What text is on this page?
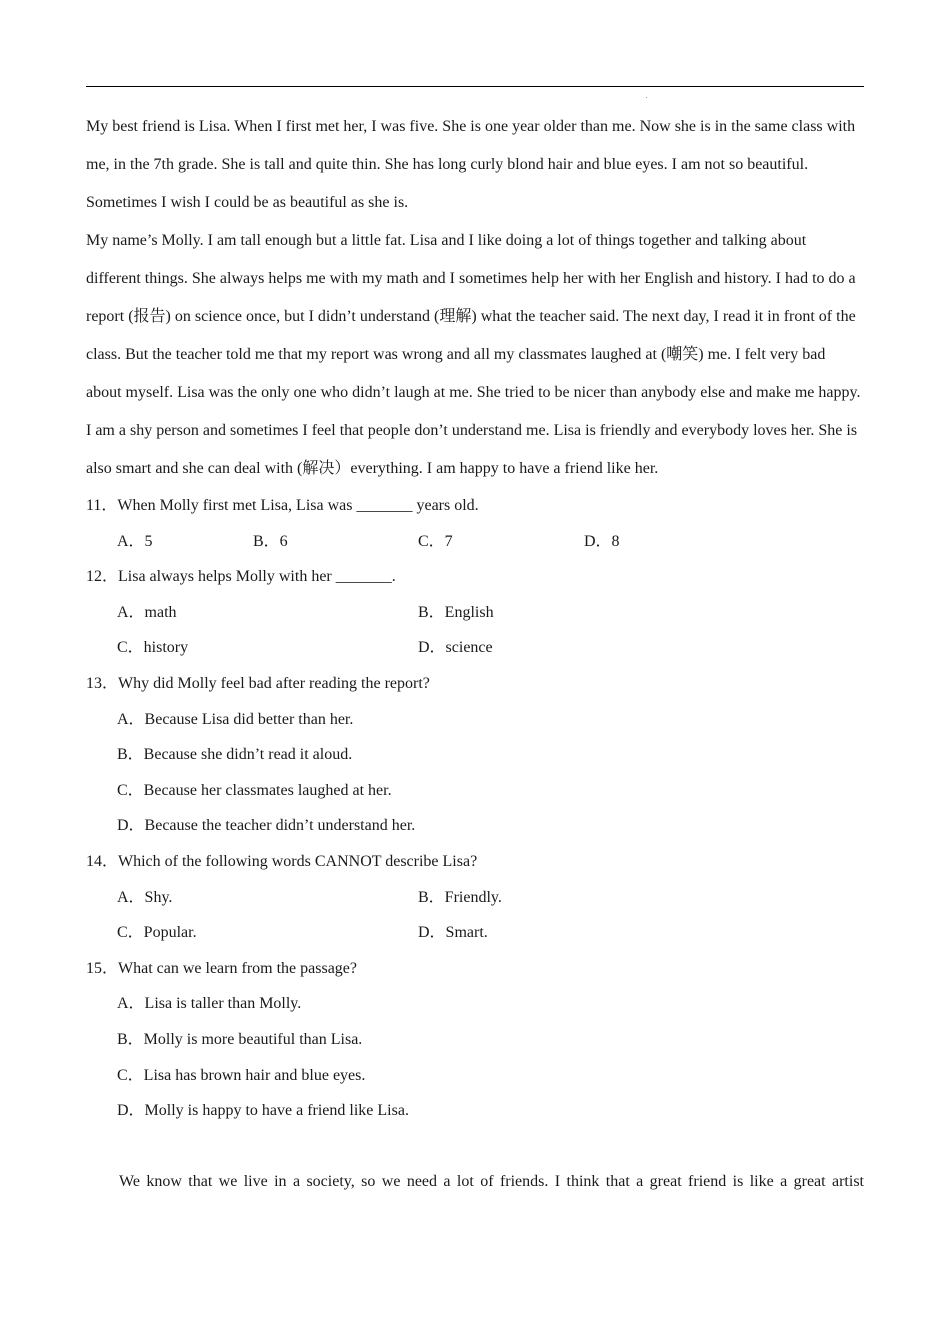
My best friend is Lisa. When I first met her, I was five. She is one year older than me. Now she is in the same class with me, in the 7th grade. She is tall and quite thin. She has long curly blond hair and blue eyes. I am not so beautiful. Sometimes I wish I could be as beautiful as she is.

My name’s Molly. I am tall enough but a little fat. Lisa and I like doing a lot of things together and talking about different things. She always helps me with my math and I sometimes help her with her English and history. I had to do a report (报告) on science once, but I didn’t understand (理解) what the teacher said. The next day, I read it in front of the class. But the teacher told me that my report was wrong and all my classmates laughed at (嘲笑) me. I felt very bad about myself. Lisa was the only one who didn’t laugh at me. She tried to be nicer than anybody else and make me happy.

I am a shy person and sometimes I feel that people don’t understand me. Lisa is friendly and everybody loves her. She is also smart and she can deal with (解决）everything. I am happy to have a friend like her.

11．When Molly first met Lisa, Lisa was _______ years old.

A．5	B．6	C．7	D．8

12．Lisa always helps Molly with her _______.

A．math	B．English
C．history	D．science

13．Why did Molly feel bad after reading the report?

A．Because Lisa did better than her.
B．Because she didn’t read it aloud.
C．Because her classmates laughed at her.
D．Because the teacher didn’t understand her.

14．Which of the following words CANNOT describe Lisa?

A．Shy.	B．Friendly.
C．Popular.	D．Smart.

15．What can we learn from the passage?

A．Lisa is taller than Molly.
B．Molly is more beautiful than Lisa.
C．Lisa has brown hair and blue eyes.
D．Molly is happy to have a friend like Lisa.

We know that we live in a society, so we need a lot of friends. I think that a great friend is like a great artist
